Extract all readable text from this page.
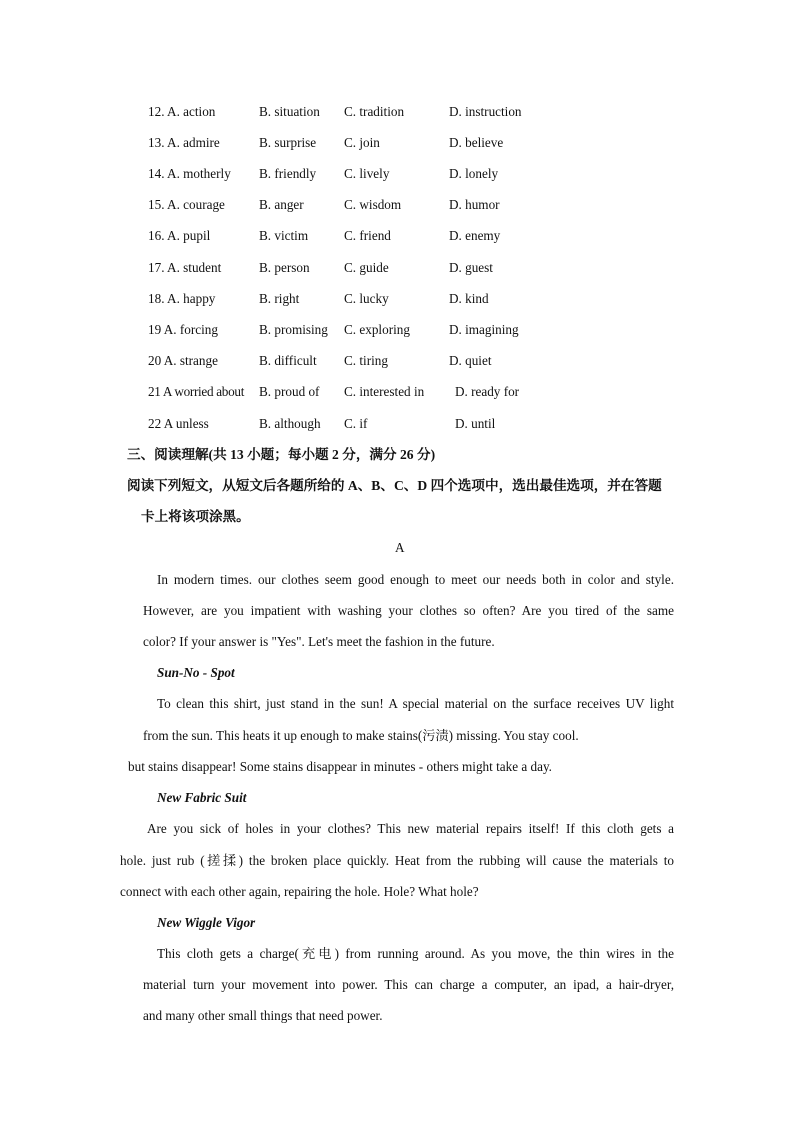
12. A. action	B. situation C. tradition	D. instruction
13. A. admire	B. surprise C. join	D. believe
14. A. motherly B. friendly C. lively	D. lonely
15. A. courage	B. anger	C. wisdom	D. humor
16. A. pupil	B. victim	C. friend	D. enemy
17. A. student	B. person	C. guide	D. guest
18. A. happy	B. right	C. lucky	D. kind
19 A. forcing	B. promising C. exploring	D. imagining
20 A. strange	B. difficult C. tiring	D. quiet
21 A worried about B. proud of C. interested in D. ready for
22 A unless	B. although C. if	D. until
三、阅读理解(共 13 小题；每小题 2 分，满分 26 分)
阅读下列短文，从短文后各题所给的 A、B、C、D 四个选项中，选出最佳选项，并在答题
卡上将该项涂黑。
A
In modern times. our clothes seem good enough to meet our needs both in color and style.
However, are you impatient with washing your clothes so often? Are you tired of the same
color? If your answer is "Yes". Let's meet the fashion in the future.
Sun-No - Spot
To clean this shirt, just stand in the sun! A special material on the surface receives UV light
from the sun. This heats it up enough to make stains(污渍) missing. You stay cool.
but stains disappear! Some stains disappear in minutes - others might take a day.
New Fabric Suit
Are you sick of holes in your clothes? This new material repairs itself! If this cloth gets a
hole. just rub (搓揉) the broken place quickly. Heat from the rubbing will cause the materials to
connect with each other again, repairing the hole. Hole? What hole?
New Wiggle Vigor
This cloth gets a charge(充电) from running around. As you move, the thin wires in the
material turn your movement into power. This can charge a computer, an ipad, a hair-dryer,
and many other small things that need power.
